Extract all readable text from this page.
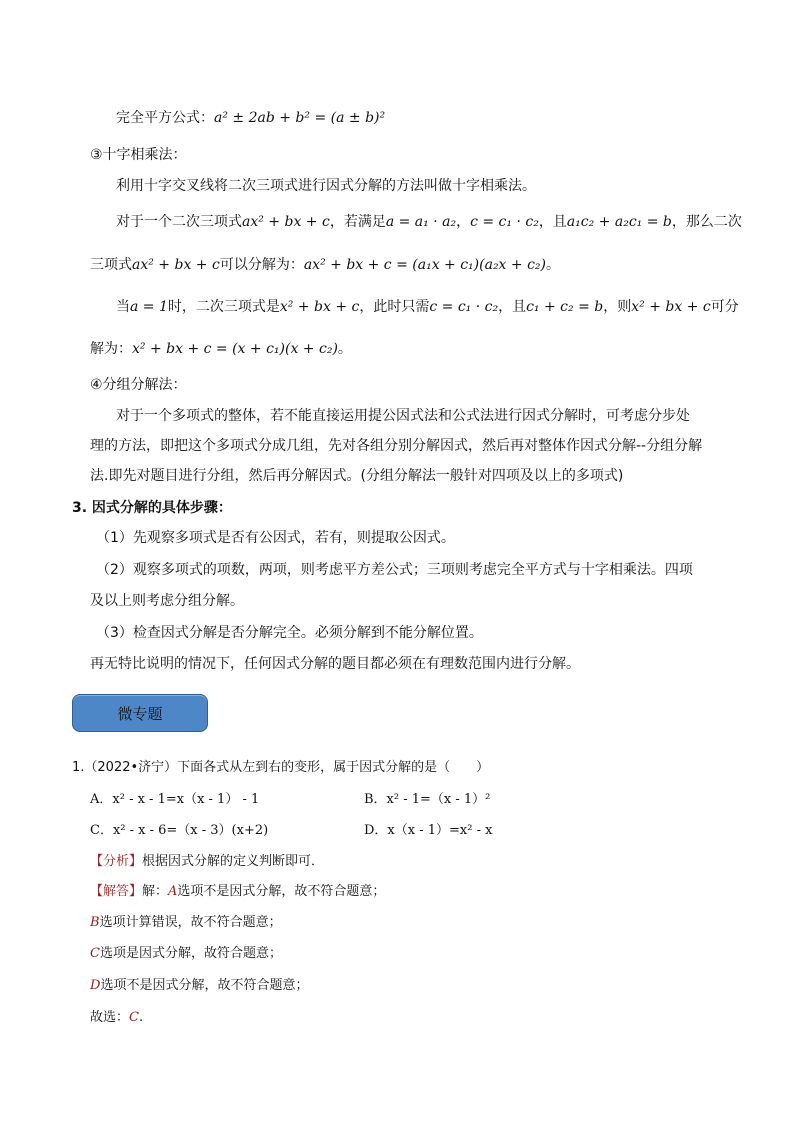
完全平方公式：a² ± 2ab + b² = (a ± b)²
③十字相乘法：
利用十字交叉线将二次三项式进行因式分解的方法叫做十字相乘法。
对于一个二次三项式ax² + bx + c，若满足a = a₁ · a₂，c = c₁ · c₂，且a₁c₂ + a₂c₁ = b，那么二次
三项式ax² + bx + c可以分解为：ax² + bx + c = (a₁x + c₁)(a₂x + c₂)。
当a = 1时，二次三项式是x² + bx + c，此时只需c = c₁ · c₂，且c₁ + c₂ = b，则x² + bx + c可分
解为：x² + bx + c = (x + c₁)(x + c₂)。
④分组分解法：
对于一个多项式的整体，若不能直接运用提公因式法和公式法进行因式分解时，可考虑分步处
理的方法，即把这个多项式分成几组，先对各组分别分解因式，然后再对整体作因式分解--分组分解
法.即先对题目进行分组，然后再分解因式。(分组分解法一般针对四项及以上的多项式)
3. 因式分解的具体步骤：
（1）先观察多项式是否有公因式，若有，则提取公因式。
（2）观察多项式的项数，两项，则考虑平方差公式；三项则考虑完全平方式与十字相乘法。四项
及以上则考虑分组分解。
（3）检查因式分解是否分解完全。必须分解到不能分解位置。
再无特比说明的情况下，任何因式分解的题目都必须在有理数范围内进行分解。
微专题
1.（2022•济宁）下面各式从左到右的变形，属于因式分解的是（　　）
A．x² - x - 1=x（x - 1） - 1	B．x² - 1=（x - 1）²
C．x² - x - 6=（x - 3）(x+2)	D．x（x - 1）=x² - x
【分析】根据因式分解的定义判断即可．
【解答】解：A选项不是因式分解，故不符合题意；
B选项计算错误，故不符合题意；
C选项是因式分解，故符合题意；
D选项不是因式分解，故不符合题意；
故选：C.
